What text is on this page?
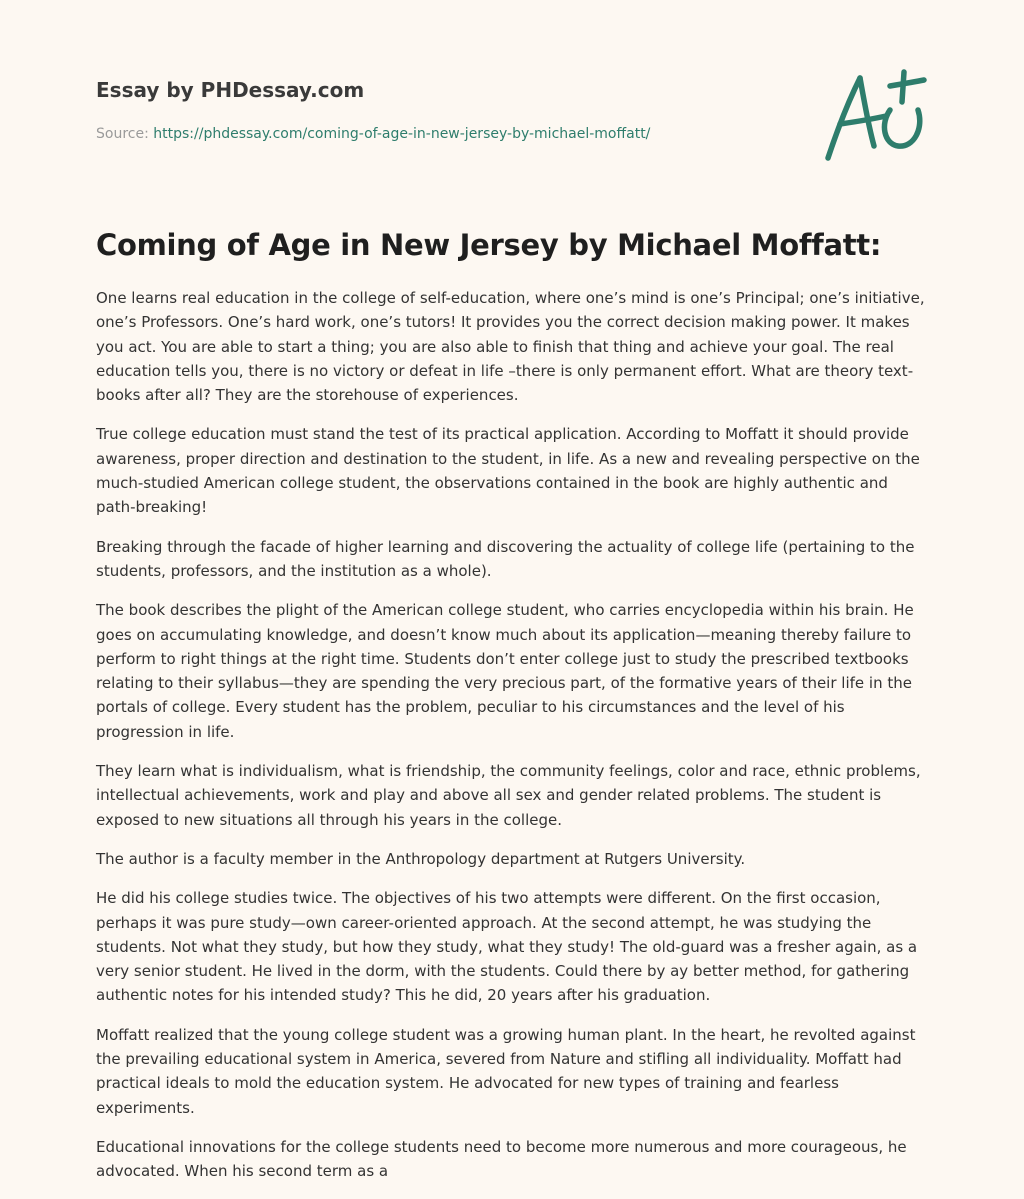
Essay by PHDessay.com
Source: https://phdessay.com/coming-of-age-in-new-jersey-by-michael-moffatt/
Coming of Age in New Jersey by Michael Moffatt:

One learns real education in the college of self-education, where one’s mind is one’s Principal; one’s initiative, one’s Professors. One’s hard work, one’s tutors! It provides you the correct decision making power. It makes you act. You are able to start a thing; you are also able to finish that thing and achieve your goal. The real education tells you, there is no victory or defeat in life –there is only permanent effort. What are theory text-books after all? They are the storehouse of experiences.

True college education must stand the test of its practical application. According to Moffatt it should provide awareness, proper direction and destination to the student, in life. As a new and revealing perspective on the much-studied American college student, the observations contained in the book are highly authentic and path-breaking!

Breaking through the facade of higher learning and discovering the actuality of college life (pertaining to the students, professors, and the institution as a whole).

The book describes the plight of the American college student, who carries encyclopedia within his brain. He goes on accumulating knowledge, and doesn’t know much about its application—meaning thereby failure to perform to right things at the right time. Students don’t enter college just to study the prescribed textbooks relating to their syllabus—they are spending the very precious part, of the formative years of their life in the portals of college. Every student has the problem, peculiar to his circumstances and the level of his progression in life.

They learn what is individualism, what is friendship, the community feelings, color and race, ethnic problems, intellectual achievements, work and play and above all sex and gender related problems. The student is exposed to new situations all through his years in the college.

The author is a faculty member in the Anthropology department at Rutgers University.

He did his college studies twice. The objectives of his two attempts were different. On the first occasion, perhaps it was pure study—own career-oriented approach. At the second attempt, he was studying the students. Not what they study, but how they study, what they study! The old-guard was a fresher again, as a very senior student. He lived in the dorm, with the students. Could there by ay better method, for gathering authentic notes for his intended study? This he did, 20 years after his graduation.

Moffatt realized that the young college student was a growing human plant. In the heart, he revolted against the prevailing educational system in America, severed from Nature and stifling all individuality. Moffatt had practical ideals to mold the education system. He advocated for new types of training and fearless experiments.

Educational innovations for the college students need to become more numerous and more courageous, he advocated. When his second term as a
